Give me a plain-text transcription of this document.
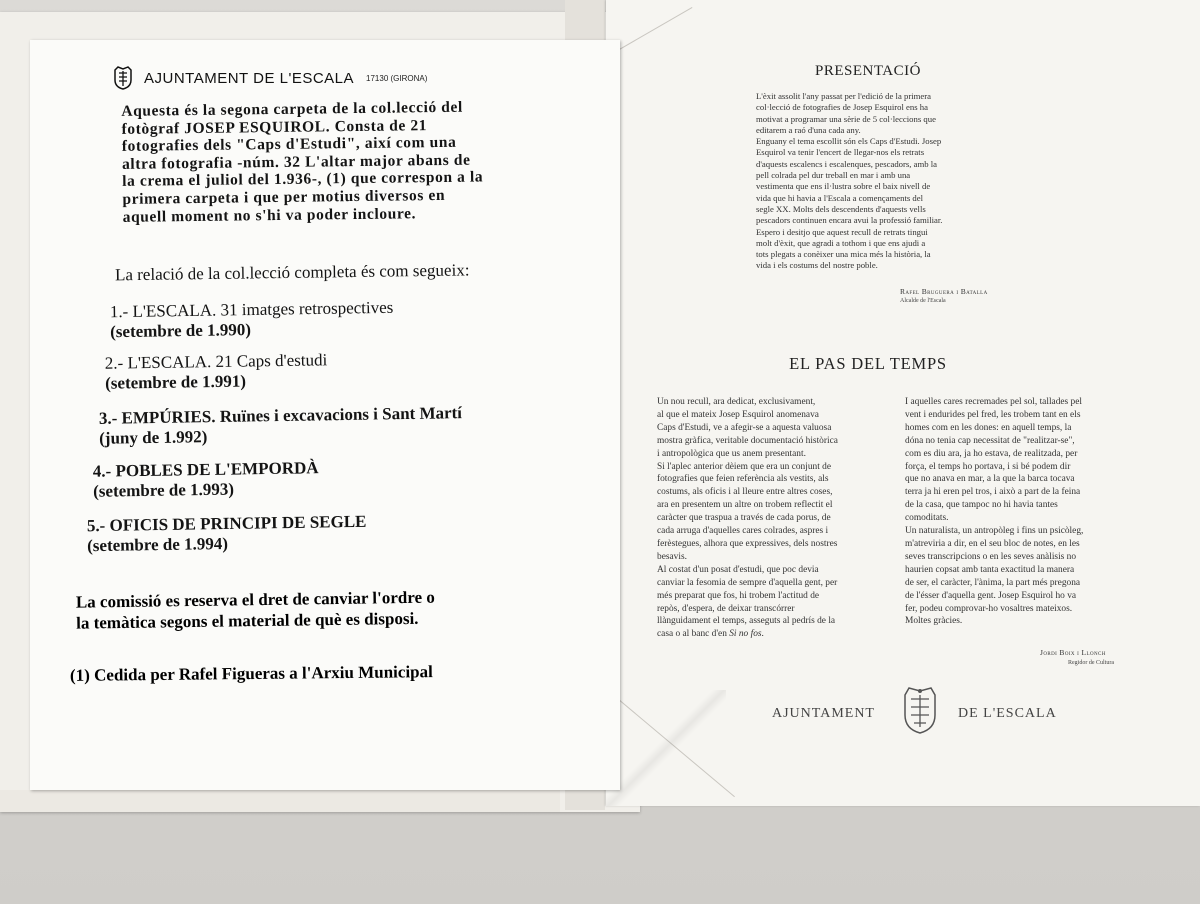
AJUNTAMENT DE L'ESCALA 17130 (GIRONA)
Aquesta és la segona carpeta de la col.lecció del
fotògraf JOSEP ESQUIROL. Consta de 21
fotografies dels "Caps d'Estudi", així com una
altra fotografia -núm. 32 L'altar major abans de
la crema el juliol del 1.936-, (1) que correspon a la
primera carpeta i que per motius diversos en
aquell moment no s'hi va poder incloure.
La relació de la col.lecció completa és com segueix:
1.- L'ESCALA. 31 imatges retrospectives
(setembre de 1.990)
2.- L'ESCALA. 21 Caps d'estudi
(setembre de 1.991)
3.- EMPÚRIES. Ruïnes i excavacions i Sant Martí
(juny de 1.992)
4.- POBLES DE L'EMPORDÀ
(setembre de 1.993)
5.- OFICIS DE PRINCIPI DE SEGLE
(setembre de 1.994)
La comissió es reserva el dret de canviar l'ordre o
la temàtica segons el material de què es disposi.
(1) Cedida per Rafel Figueras a l'Arxiu Municipal
PRESENTACIÓ
L'èxit assolit l'any passat per l'edició de la primera
col·lecció de fotografies de Josep Esquirol ens ha
motivat a programar una sèrie de 5 col·leccions que
editarem a raó d'una cada any.
Enguany el tema escollit són els Caps d'Estudi. Josep
Esquirol va tenir l'encert de llegar-nos els retrats
d'aquests escalencs i escalenques, pescadors, amb la
pell colrada pel dur treball en mar i amb una
vestimenta que ens il·lustra sobre el baix nivell de
vida que hi havia a l'Escala a començaments del
segle XX. Molts dels descendents d'aquests vells
pescadors continuen encara avui la professió familiar.
Espero i desitjo que aquest recull de retrats tingui
molt d'èxit, que agradi a tothom i que ens ajudi a
tots plegats a conèixer una mica més la història, la
vida i els costums del nostre poble.
Rafel Bruguera i Batalla
Alcalde de l'Escala
EL PAS DEL TEMPS
Un nou recull, ara dedicat, exclusivament,
al que el mateix Josep Esquirol anomenava
Caps d'Estudi, ve a afegir-se a aquesta valuosa
mostra gràfica, veritable documentació històrica
i antropològica que us anem presentant.
Si l'aplec anterior dèiem que era un conjunt de
fotografies que feien referència als vestits, als
costums, als oficis i al lleure entre altres coses,
ara en presentem un altre on trobem reflectit el
caràcter que traspua a través de cada porus, de
cada arruga d'aquelles cares colrades, aspres i
ferèstegues, alhora que expressives, dels nostres
besavis.
Al costat d'un posat d'estudi, que poc devia
canviar la fesomia de sempre d'aquella gent, per
més preparat que fos, hi trobem l'actitud de
repòs, d'espera, de deixar transcórrer
llànguidament el temps, asseguts al pedrís de la
casa o al banc d'en Si no fos.
I aquelles cares recremades pel sol, tallades pel
vent i endurides pel fred, les trobem tant en els
homes com en les dones: en aquell temps, la
dóna no tenia cap necessitat de "realitzar-se",
com es diu ara, ja ho estava, de realitzada, per
força, el temps ho portava, i si bé podem dir
que no anava en mar, a la que la barca tocava
terra ja hi eren pel tros, i això a part de la feina
de la casa, que tampoc no hi havia tantes
comoditats.
Un naturalista, un antropòleg i fins un psicòleg,
m'atreviria a dir, en el seu bloc de notes, en les
seves transcripcions o en les seves anàlisis no
haurien copsat amb tanta exactitud la manera
de ser, el caràcter, l'ànima, la part més pregona
de l'ésser d'aquella gent. Josep Esquirol ho va
fer, podeu comprovar-ho vosaltres mateixos.
Moltes gràcies.
Jordi Boix i Llonch
Regidor de Cultura
AJUNTAMENT	DE L'ESCALA
